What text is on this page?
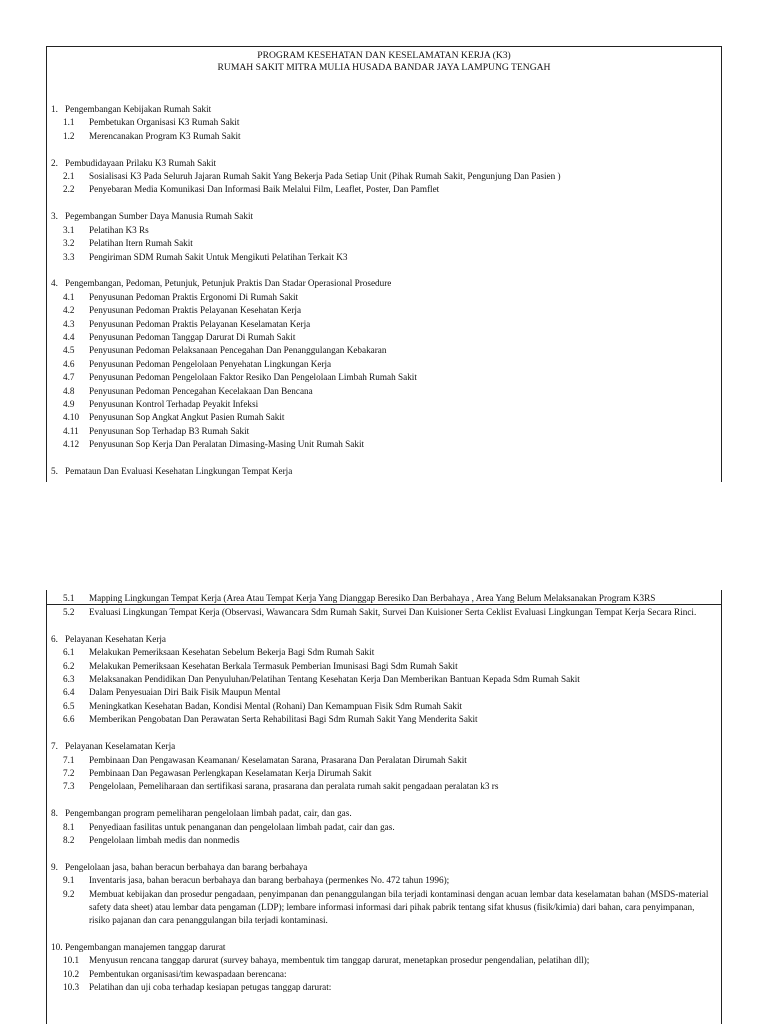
PROGRAM KESEHATAN DAN KESELAMATAN KERJA (K3)
RUMAH SAKIT MITRA MULIA HUSADA BANDAR JAYA LAMPUNG TENGAH
1. Pengembangan Kebijakan Rumah Sakit
1.1	Pembetukan Organisasi K3 Rumah Sakit
1.2	Merencanakan Program K3 Rumah Sakit
2. Pembudidayaan Prilaku K3 Rumah Sakit
2.1	Sosialisasi K3 Pada Seluruh Jajaran Rumah Sakit Yang Bekerja Pada Setiap Unit (Pihak Rumah Sakit, Pengunjung Dan Pasien )
2.2	Penyebaran Media Komunikasi Dan Informasi Baik Melalui Film, Leaflet, Poster, Dan Pamflet
3. Pegembangan Sumber Daya Manusia Rumah Sakit
3.1	Pelatihan K3 Rs
3.2	Pelatihan Itern Rumah Sakit
3.3	Pengiriman SDM Rumah Sakit Untuk Mengikuti Pelatihan Terkait K3
4. Pengembangan, Pedoman, Petunjuk, Petunjuk Praktis Dan Stadar Operasional Prosedure
4.1	Penyusunan Pedoman Praktis Ergonomi Di Rumah Sakit
4.2	Penyusunan Pedoman Praktis Pelayanan Kesehatan Kerja
4.3	Penyusunan Pedoman Praktis Pelayanan Keselamatan Kerja
4.4	Penyusunan Pedoman Tanggap Darurat Di Rumah Sakit
4.5	Penyusunan Pedoman Pelaksanaan Pencegahan Dan Penanggulangan Kebakaran
4.6	Penyusunan Pedoman Pengelolaan Penyehatan Lingkungan Kerja
4.7	Penyusunan Pedoman Pengelolaan Faktor Resiko Dan Pengelolaan Limbah Rumah Sakit
4.8	Penyusunan Pedoman Pencegahan Kecelakaan Dan Bencana
4.9	Penyusunan Kontrol Terhadap Peyakit Infeksi
4.10	Penyusunan Sop Angkat Angkut Pasien Rumah Sakit
4.11	Penyusunan Sop Terhadap B3 Rumah Sakit
4.12	Penyusunan Sop Kerja Dan Peralatan Dimasing-Masing Unit Rumah Sakit
5. Pemataun Dan Evaluasi Kesehatan Lingkungan Tempat Kerja
5.1	Mapping Lingkungan Tempat Kerja (Area Atau Tempat Kerja Yang Dianggap Beresiko Dan Berbahaya , Area Yang Belum Melaksanakan Program K3RS
5.2	Evaluasi Lingkungan Tempat Kerja (Observasi, Wawancara Sdm Rumah Sakit, Survei Dan Kuisioner Serta Ceklist Evaluasi Lingkungan Tempat Kerja Secara Rinci.
6. Pelayanan Kesehatan Kerja
6.1	Melakukan Pemeriksaan Kesehatan Sebelum Bekerja Bagi Sdm Rumah Sakit
6.2	Melakukan Pemeriksaan Kesehatan Berkala Termasuk Pemberian Imunisasi Bagi Sdm Rumah Sakit
6.3	Melaksanakan Pendidikan Dan Penyuluhan/Pelatihan Tentang Kesehatan Kerja Dan Memberikan Bantuan Kepada Sdm Rumah Sakit
6.4	Dalam Penyesuaian Diri Baik Fisik Maupun Mental
6.5	Meningkatkan Kesehatan Badan, Kondisi Mental (Rohani) Dan Kemampuan Fisik Sdm Rumah Sakit
6.6	Memberikan Pengobatan Dan Perawatan Serta Rehabilitasi Bagi Sdm Rumah Sakit Yang Menderita Sakit
7. Pelayanan Keselamatan Kerja
7.1	Pembinaan Dan Pengawasan Keamanan/ Keselamatan Sarana, Prasarana Dan Peralatan Dirumah Sakit
7.2	Pembinaan Dan Pegawasan Perlengkapan Keselamatan Kerja Dirumah Sakit
7.3	Pengelolaan, Pemeliharaan dan sertifikasi sarana, prasarana dan peralata rumah sakit pengadaan peralatan k3 rs
8. Pengembangan program pemeliharan pengelolaan limbah padat, cair, dan gas.
8.1	Penyediaan fasilitas untuk penanganan dan pengelolaan limbah padat, cair dan gas.
8.2	Pengelolaan limbah medis dan nonmedis
9. Pengelolaan jasa, bahan beracun berbahaya dan barang berbahaya
9.1	Inventaris jasa, bahan beracun berbahaya dan barang berbahaya (permenkes No. 472 tahun 1996);
9.2	Membuat kebijakan dan prosedur pengadaan, penyimpanan dan penanggulangan bila terjadi kontaminasi dengan acuan lembar data keselamatan bahan (MSDS-material safety data sheet) atau lembar data pengaman (LDP); lembare informasi informasi dari pihak pabrik tentang sifat khusus (fisik/kimia) dari bahan, cara penyimpanan, risiko pajanan dan cara penanggulangan bila terjadi kontaminasi.
10. Pengembangan manajemen tanggap darurat
10.1	Menyusun rencana tanggap darurat (survey bahaya, membentuk tim tanggap darurat, menetapkan prosedur pengendalian, pelatihan dll);
10.2	Pembentukan organisasi/tim kewaspadaan berencana:
10.3	Pelatihan dan uji coba terhadap kesiapan petugas tanggap darurat:
